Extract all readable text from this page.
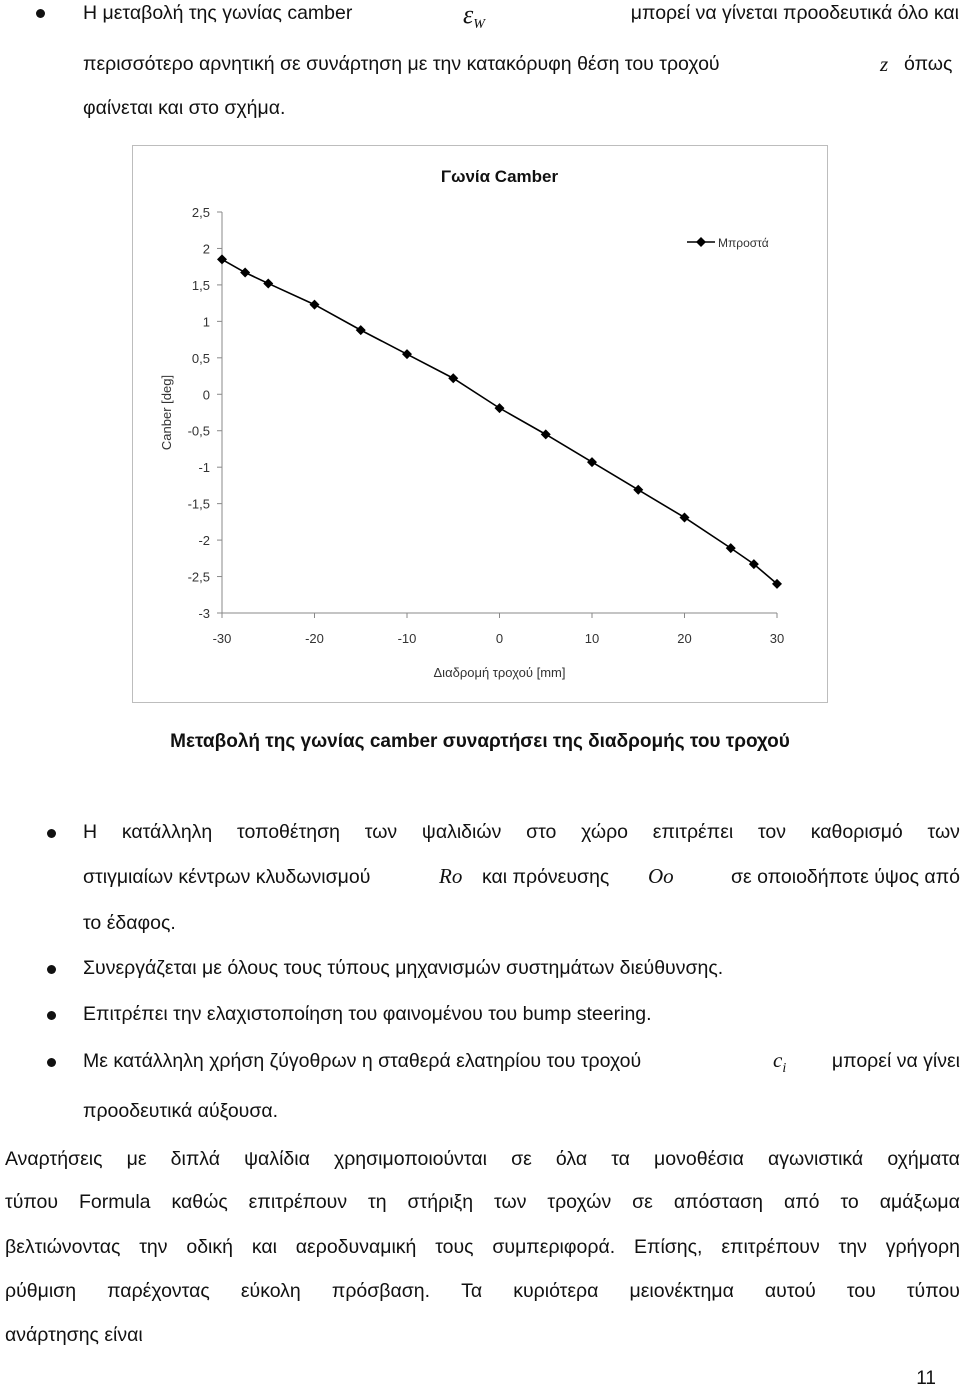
Η μεταβολή της γωνίας camber	$\varepsilon_W$
μπορεί να γίνεται προοδευτικά όλο και
περισσότερο αρνητική σε συνάρτηση με την κατακόρυφη θέση του τροχού	z όπως
φαίνεται και στο σχήμα.
Γωνία Camber
2,5
2
1,5
1
0,5
0
-0,5
-1
-1,5
-2
-2,5
-3
-30	-20	-10	0	10	20	30
Διαδρομή τροχού [mm]
Canber [deg]
Μπροστά
Μεταβολή της γωνίας camber συναρτήσει της διαδρομής του τροχού
Η κατάλληλη τοποθέτηση των ψαλιδιών στο χώρο επιτρέπει τον καθορισμό των
στιγμιαίων κέντρων κλυδωνισμού	Ro και πρόνευσης Oo	σε οποιοδήποτε ύψος από
το έδαφος.
Συνεργάζεται με όλους τους τύπους μηχανισμών συστημάτων διεύθυνσης.
Επιτρέπει την ελαχιστοποίηση του φαινομένου του bump steering.
Με κατάλληλη χρήση ζύγοθρων η σταθερά ελατηρίου του τροχού	$c_i$	μπορεί να γίνει
προοδευτικά αύξουσα.
Αναρτήσεις με διπλά ψαλίδια χρησιμοποιούνται σε όλα τα μονοθέσια αγωνιστικά οχήματα
τύπου Formula καθώς επιτρέπουν τη στήριξη των τροχών σε απόσταση από το αμάξωμα
βελτιώνοντας την οδική και αεροδυναμική τους συμπεριφορά. Επίσης, επιτρέπουν την γρήγορη
ρύθμιση παρέχοντας εύκολη πρόσβαση. Τα κυριότερα μειονέκτημα αυτού του τύπου
ανάρτησης είναι
11
